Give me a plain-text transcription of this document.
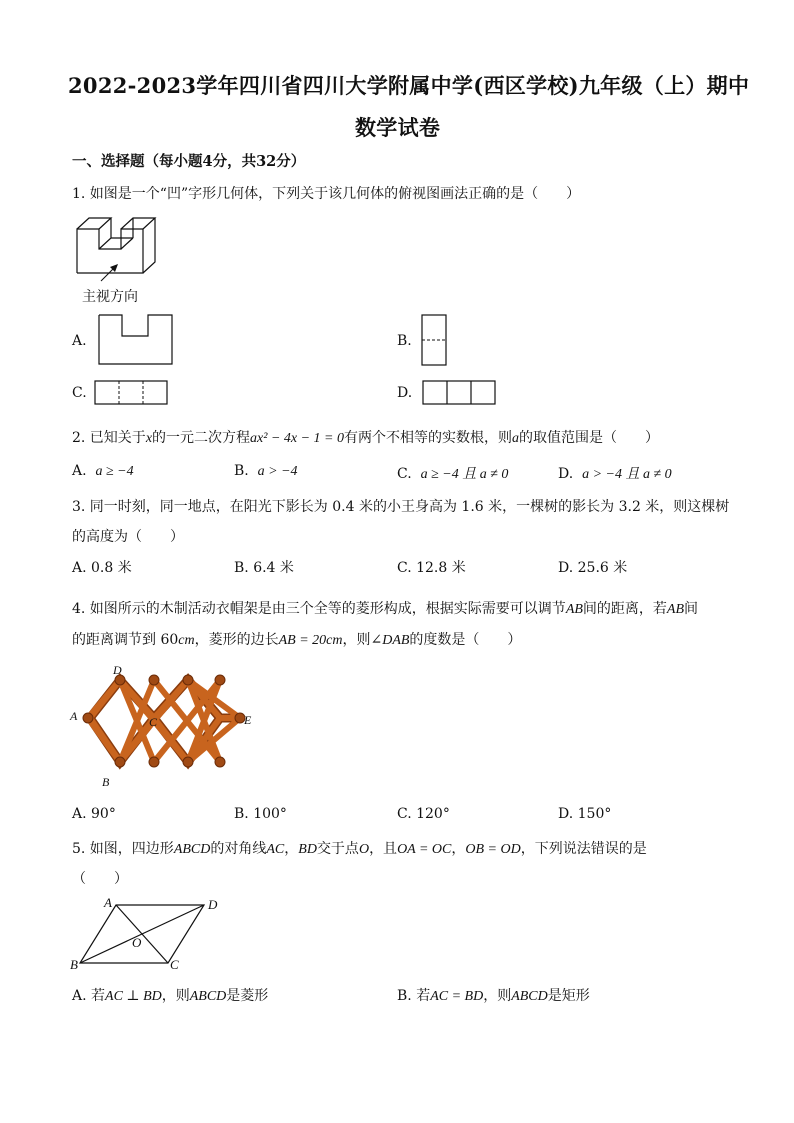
2022-2023学年四川省四川大学附属中学(西区学校)九年级（上）期中
数学试卷
一、选择题（每小题4分，共32分）
1. 如图是一个“凹”字形几何体，下列关于该几何体的俯视图画法正确的是（　　）
主视方向
A.	B.
C.	D.
2. 已知关于x的一元二次方程ax² − 4x − 1 = 0有两个不相等的实数根，则a的取值范围是（　　）
A. a ≥ −4	B. a > −4	C. a ≥ −4 且 a ≠ 0	D. a > −4 且 a ≠ 0
3. 同一时刻，同一地点，在阳光下影长为 0.4 米的小王身高为 1.6 米，一棵树的影长为 3.2 米，则这棵树
的高度为（　　）
A. 0.8 米	B. 6.4 米	C. 12.8 米	D. 25.6 米
4. 如图所示的木制活动衣帽架是由三个全等的菱形构成，根据实际需要可以调节AB间的距离，若AB间
的距离调节到 60cm，菱形的边长AB = 20cm，则∠DAB的度数是（　　）
D
A	C	E
B
A. 90°	B. 100°	C. 120°	D. 150°
5. 如图，四边形ABCD的对角线AC，BD交于点O，且OA = OC，OB = OD，下列说法错误的是
（　　）
A	D
O
B	C
A. 若AC ⊥ BD，则ABCD是菱形	B. 若AC = BD，则ABCD是矩形
